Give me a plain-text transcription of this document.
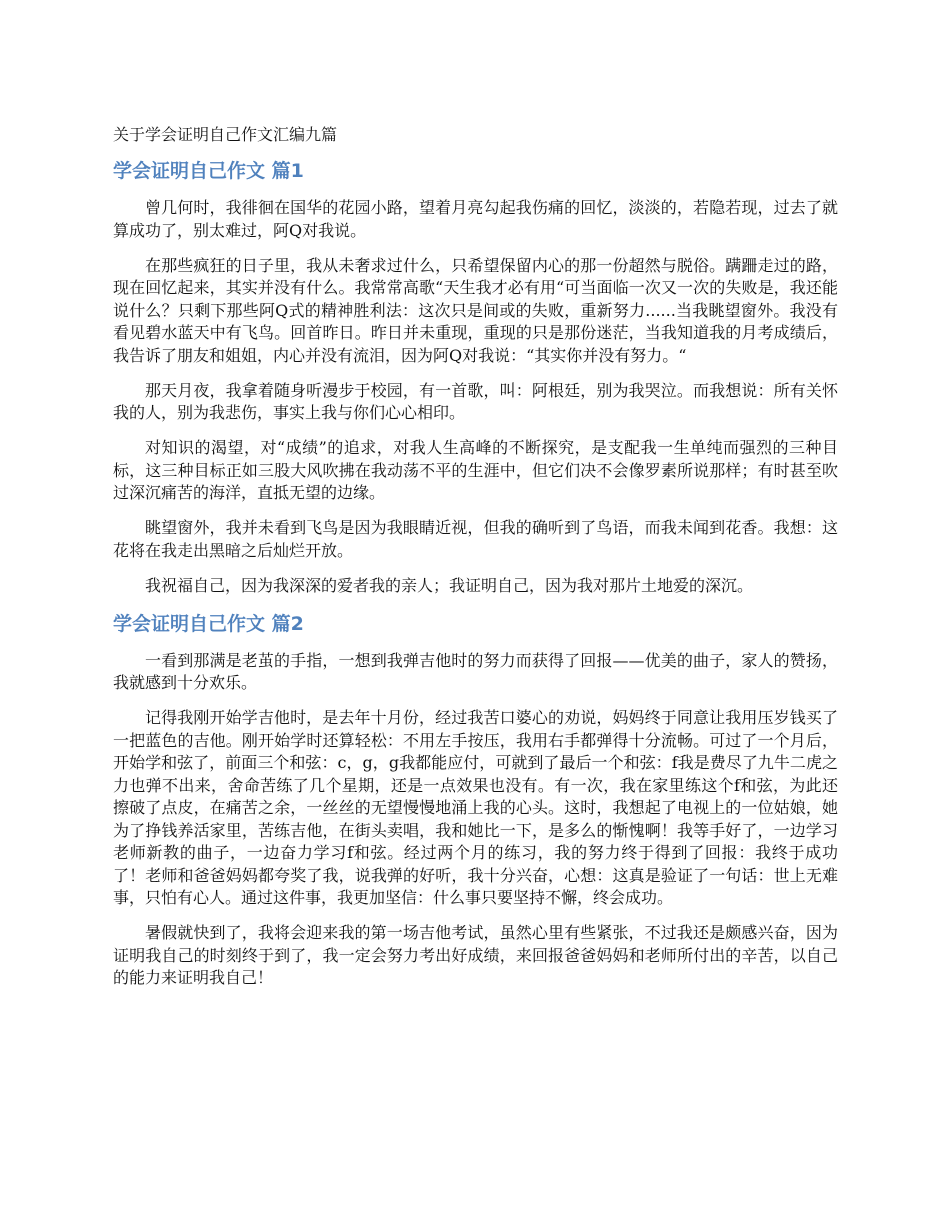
关于学会证明自己作文汇编九篇
学会证明自己作文 篇1

曾几何时，我徘徊在国华的花园小路，望着月亮勾起我伤痛的回忆，淡淡的，若隐若现，过去了就算成功了，别太难过，阿Q对我说。

在那些疯狂的日子里，我从未奢求过什么，只希望保留内心的那一份超然与脱俗。蹒跚走过的路，现在回忆起来，其实并没有什么。我常常高歌“天生我才必有用“可当面临一次又一次的失败是，我还能说什么？只剩下那些阿Q式的精神胜利法：这次只是间或的失败，重新努力......当我眺望窗外。我没有看见碧水蓝天中有飞鸟。回首昨日。昨日并未重现，重现的只是那份迷茫，当我知道我的月考成绩后，我告诉了朋友和姐姐，内心并没有流泪，因为阿Q对我说：“其实你并没有努力。“

那天月夜，我拿着随身听漫步于校园，有一首歌，叫：阿根廷，别为我哭泣。而我想说：所有关怀我的人，别为我悲伤，事实上我与你们心心相印。

对知识的渴望，对“成绩”的追求，对我人生高峰的不断探究，是支配我一生单纯而强烈的三种目标，这三种目标正如三股大风吹拂在我动荡不平的生涯中，但它们决不会像罗素所说那样；有时甚至吹过深沉痛苦的海洋，直抵无望的边缘。

眺望窗外，我并未看到飞鸟是因为我眼睛近视，但我的确听到了鸟语，而我未闻到花香。我想：这花将在我走出黑暗之后灿烂开放。

我祝福自己，因为我深深的爱者我的亲人；我证明自己，因为我对那片土地爱的深沉。

学会证明自己作文 篇2

一看到那满是老茧的手指，一想到我弹吉他时的努力而获得了回报——优美的曲子，家人的赞扬，我就感到十分欢乐。

记得我刚开始学吉他时，是去年十月份，经过我苦口婆心的劝说，妈妈终于同意让我用压岁钱买了一把蓝色的吉他。刚开始学时还算轻松：不用左手按压，我用右手都弹得十分流畅。可过了一个月后，开始学和弦了，前面三个和弦：c，g，g我都能应付，可就到了最后一个和弦：f我是费尽了九牛二虎之力也弹不出来，舍命苦练了几个星期，还是一点效果也没有。有一次，我在家里练这个f和弦，为此还擦破了点皮，在痛苦之余，一丝丝的无望慢慢地涌上我的心头。这时，我想起了电视上的一位姑娘，她为了挣钱养活家里，苦练吉他，在街头卖唱，我和她比一下，是多么的惭愧啊！我等手好了，一边学习老师新教的曲子，一边奋力学习f和弦。经过两个月的练习，我的努力终于得到了回报：我终于成功了！老师和爸爸妈妈都夸奖了我，说我弹的好听，我十分兴奋，心想：这真是验证了一句话：世上无难事，只怕有心人。通过这件事，我更加坚信：什么事只要坚持不懈，终会成功。

暑假就快到了，我将会迎来我的第一场吉他考试，虽然心里有些紧张，不过我还是颇感兴奋，因为证明我自己的时刻终于到了，我一定会努力考出好成绩，来回报爸爸妈妈和老师所付出的辛苦，以自己的能力来证明我自己！
